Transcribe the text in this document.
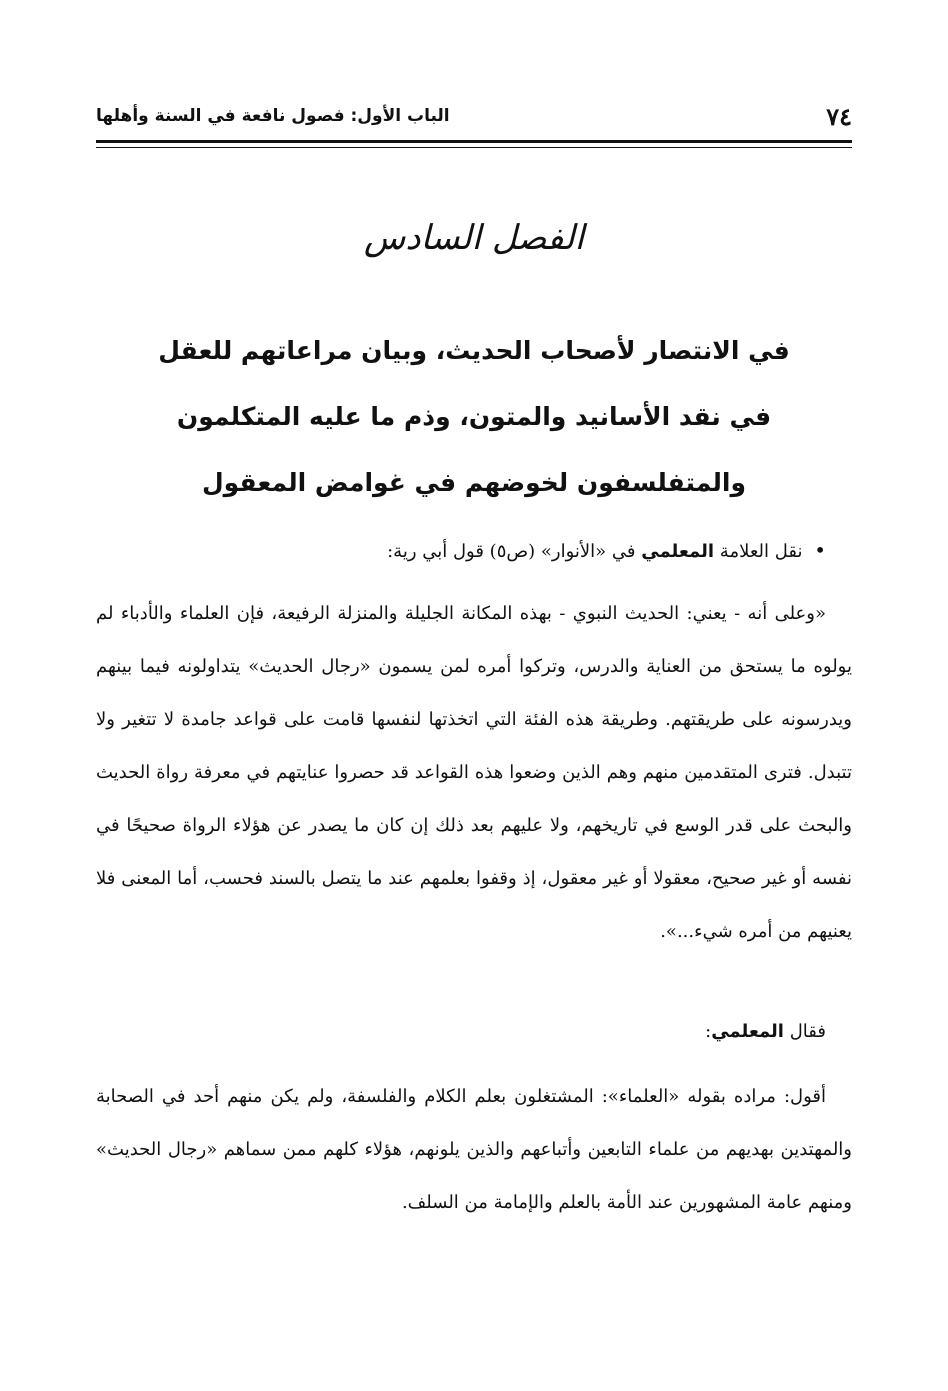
٧٤
الباب الأول: فصول نافعة في السنة وأهلها
الفصل السادس
في الانتصار لأصحاب الحديث، وبيان مراعاتهم للعقل
في نقد الأسانيد والمتون، وذم ما عليه المتكلمون
والمتفلسفون لخوضهم في غوامض المعقول

• نقل العلامة المعلمي في «الأنوار» (ص٥) قول أبي رية:

«وعلى أنه - يعني: الحديث النبوي - بهذه المكانة الجليلة والمنزلة الرفيعة، فإن العلماء والأدباء لم يولوه ما يستحق من العناية والدرس، وتركوا أمره لمن يسمون «رجال الحديث» يتداولونه فيما بينهم ويدرسونه على طريقتهم. وطريقة هذه الفئة التي اتخذتها لنفسها قامت على قواعد جامدة لا تتغير ولا تتبدل. فترى المتقدمين منهم وهم الذين وضعوا هذه القواعد قد حصروا عنايتهم في معرفة رواة الحديث والبحث على قدر الوسع في تاريخهم، ولا عليهم بعد ذلك إن كان ما يصدر عن هؤلاء الرواة صحيحًا في نفسه أو غير صحيح، معقولا أو غير معقول، إذ وقفوا بعلمهم عند ما يتصل بالسند فحسب، أما المعنى فلا يعنيهم من أمره شيء...».

فقال المعلمي:

أقول: مراده بقوله «العلماء»: المشتغلون بعلم الكلام والفلسفة، ولم يكن منهم أحد في الصحابة والمهتدين بهديهم من علماء التابعين وأتباعهم والذين يلونهم، هؤلاء كلهم ممن سماهم «رجال الحديث» ومنهم عامة المشهورين عند الأمة بالعلم والإمامة من السلف.
